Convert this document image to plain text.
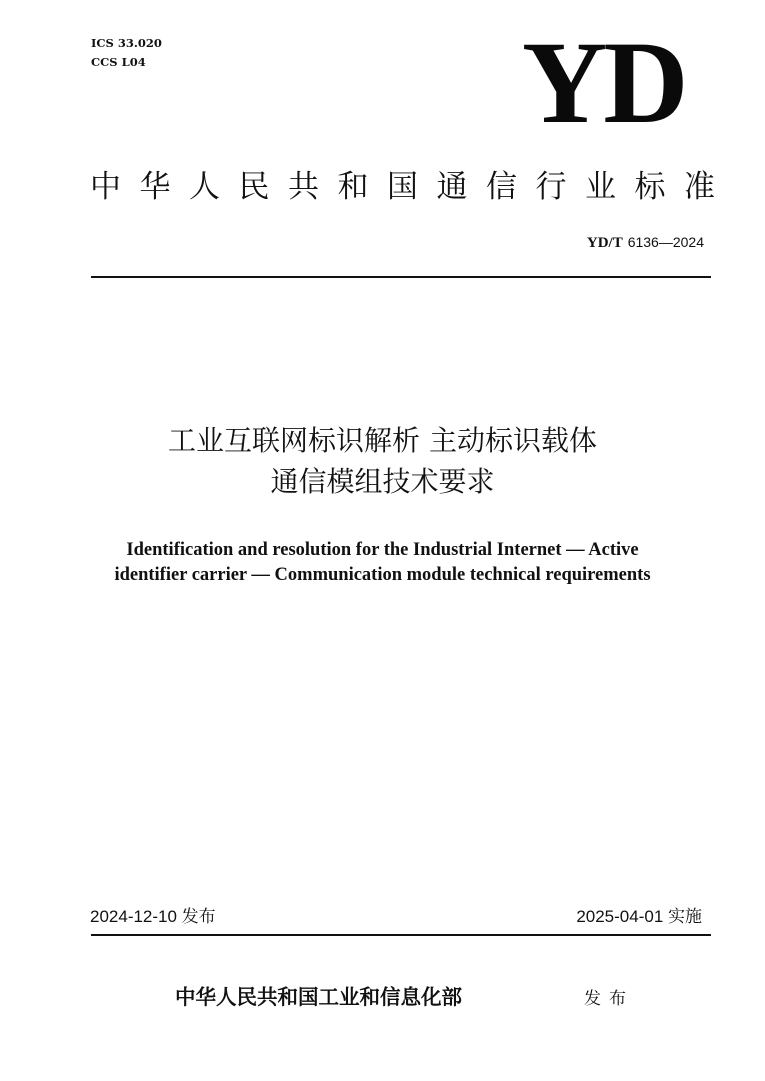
ICS 33.020
CCS L04	YD
中华人民共和国通信行业标准
YD/T 6136—2024
工业互联网标识解析 主动标识载体
通信模组技术要求
Identification and resolution for the Industrial Internet — Active
identifier carrier — Communication module technical requirements
2024-12-10 发布	2025-04-01 实施
中华人民共和国工业和信息化部	发布
